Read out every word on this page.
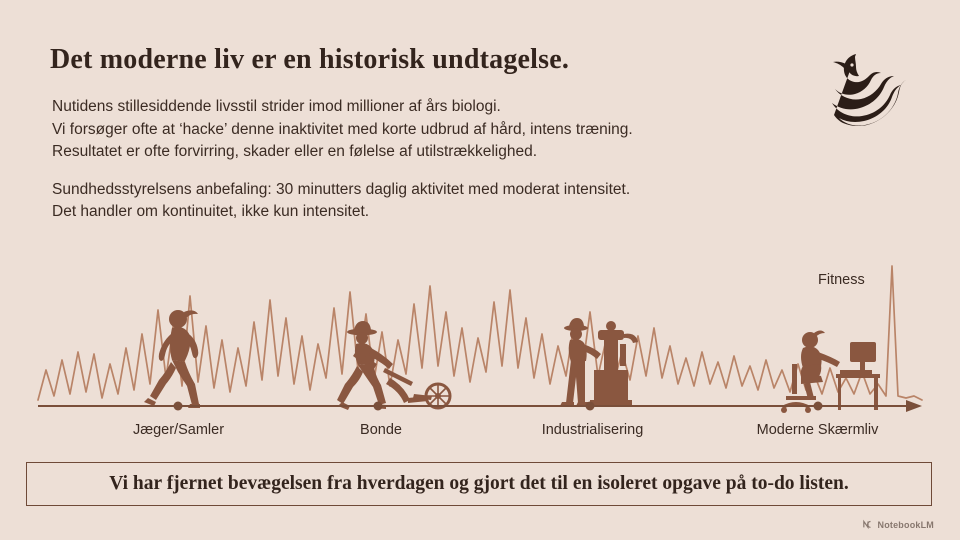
Det moderne liv er en historisk undtagelse.
Nutidens stillesiddende livsstil strider imod millioner af års biologi.
Vi forsøger ofte at ‘hacke’ denne inaktivitet med korte udbrud af hård, intens træning.
Resultatet er ofte forvirring, skader eller en følelse af utilstrækkelighed.
Sundhedsstyrelsens anbefaling: 30 minutters daglig aktivitet med moderat intensitet.
Det handler om kontinuitet, ikke kun intensitet.
Fitness
Jæger/Samler	Bonde	Industrialisering	Moderne Skærmliv
Vi har fjernet bevægelsen fra hverdagen og gjort det til en isoleret opgave på to-do listen.
NotebookLM
